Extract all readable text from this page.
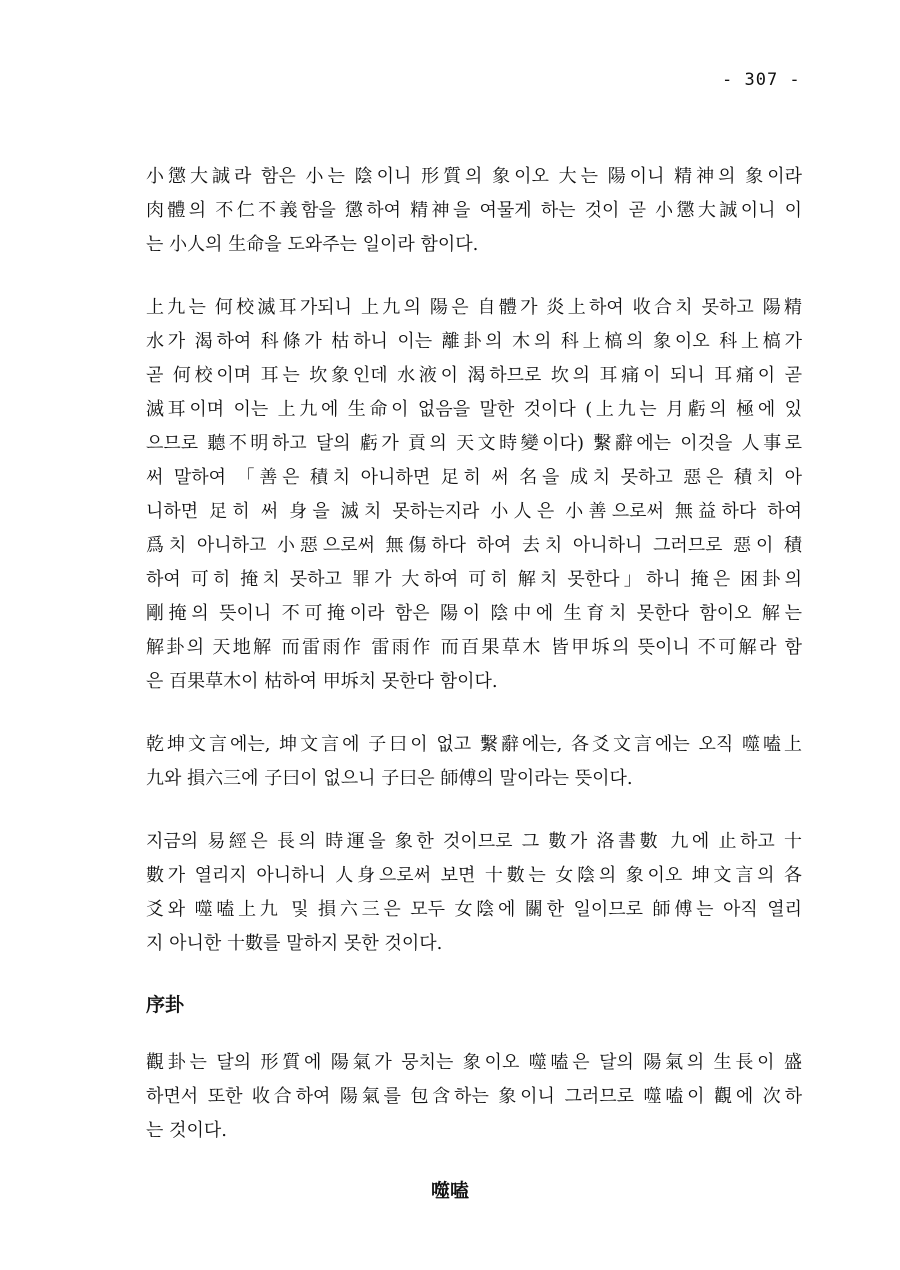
- 307 -

小懲大誠라 함은 小는 陰이니 形質의 象이오 大는 陽이니 精神의 象이라
肉體의 不仁不義함을 懲하여 精神을 여물게 하는 것이 곧 小懲大誠이니 이
는 小人의 生命을 도와주는 일이라 함이다.

上九는 何校滅耳가되니 上九의 陽은 自體가 炎上하여 收合치 못하고 陽精
水가 渴하여 科條가 枯하니 이는 離卦의 木의 科上槁의 象이오 科上槁가
곧 何校이며 耳는 坎象인데 水液이 渴하므로 坎의 耳痛이 되니 耳痛이 곧
滅耳이며 이는 上九에 生命이 없음을 말한 것이다 (上九는 月虧의 極에 있
으므로 聽不明하고 달의 虧가 貢의 天文時變이다) 繫辭에는 이것을 人事로
써 말하여 「善은 積치 아니하면 足히 써 名을 成치 못하고 惡은 積치 아
니하면 足히 써 身을 滅치 못하는지라 小人은 小善으로써 無益하다 하여
爲치 아니하고 小惡으로써 無傷하다 하여 去치 아니하니 그러므로 惡이 積
하여 可히 掩치 못하고 罪가 大하여 可히 解치 못한다」하니 掩은 困卦의
剛掩의 뜻이니 不可掩이라 함은 陽이 陰中에 生育치 못한다 함이오 解는
解卦의 天地解 而雷雨作 雷雨作 而百果草木 皆甲坼의 뜻이니 不可解라 함
은 百果草木이 枯하여 甲坼치 못한다 함이다.

乾坤文言에는, 坤文言에 子曰이 없고 繫辭에는, 各爻文言에는 오직 噬嗑上
九와 損六三에 子曰이 없으니 子曰은 師傅의 말이라는 뜻이다.

지금의 易經은 長의 時運을 象한 것이므로 그 數가 洛書數 九에 止하고 十
數가 열리지 아니하니 人身으로써 보면 十數는 女陰의 象이오 坤文言의 各
爻와 噬嗑上九 및 損六三은 모두 女陰에 關한 일이므로 師傅는 아직 열리
지 아니한 十數를 말하지 못한 것이다.

序卦

觀卦는 달의 形質에 陽氣가 뭉치는 象이오 噬嗑은 달의 陽氣의 生長이 盛
하면서 또한 收合하여 陽氣를 包含하는 象이니 그러므로 噬嗑이 觀에 次하
는 것이다.

噬嗑
